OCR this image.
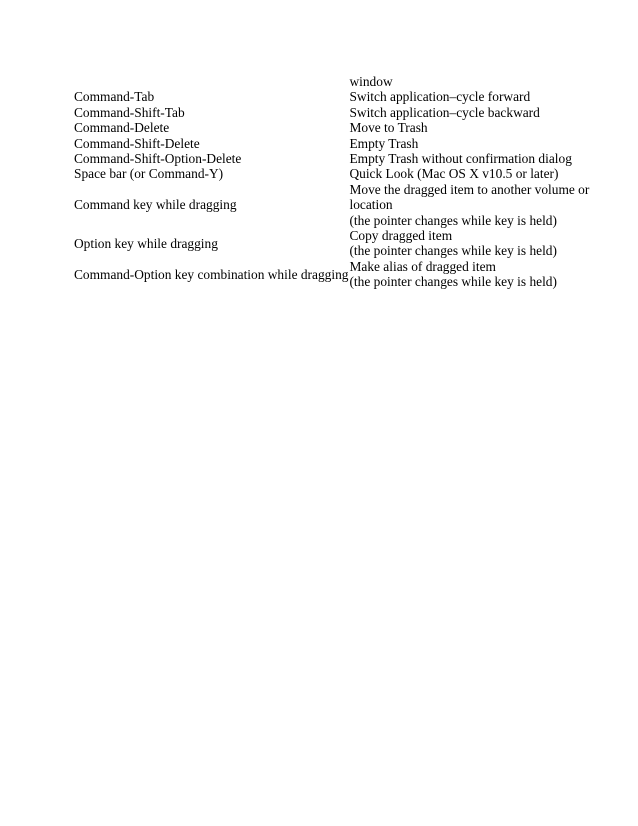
	window

Command-Tab	Switch application–cycle forward

Command-Shift-Tab	Switch application–cycle backward

Command-Delete	Move to Trash

Command-Shift-Delete	Empty Trash

Command-Shift-Option-Delete	Empty Trash without confirmation dialog

Space bar (or Command-Y)	Quick Look (Mac OS X v10.5 or later)

Command key while dragging	Move the dragged item to another volume or
location
(the pointer changes while key is held)

Option key while dragging	Copy dragged item
(the pointer changes while key is held)

Command-Option key combination while dragging	Make alias of dragged item
(the pointer changes while key is held)
